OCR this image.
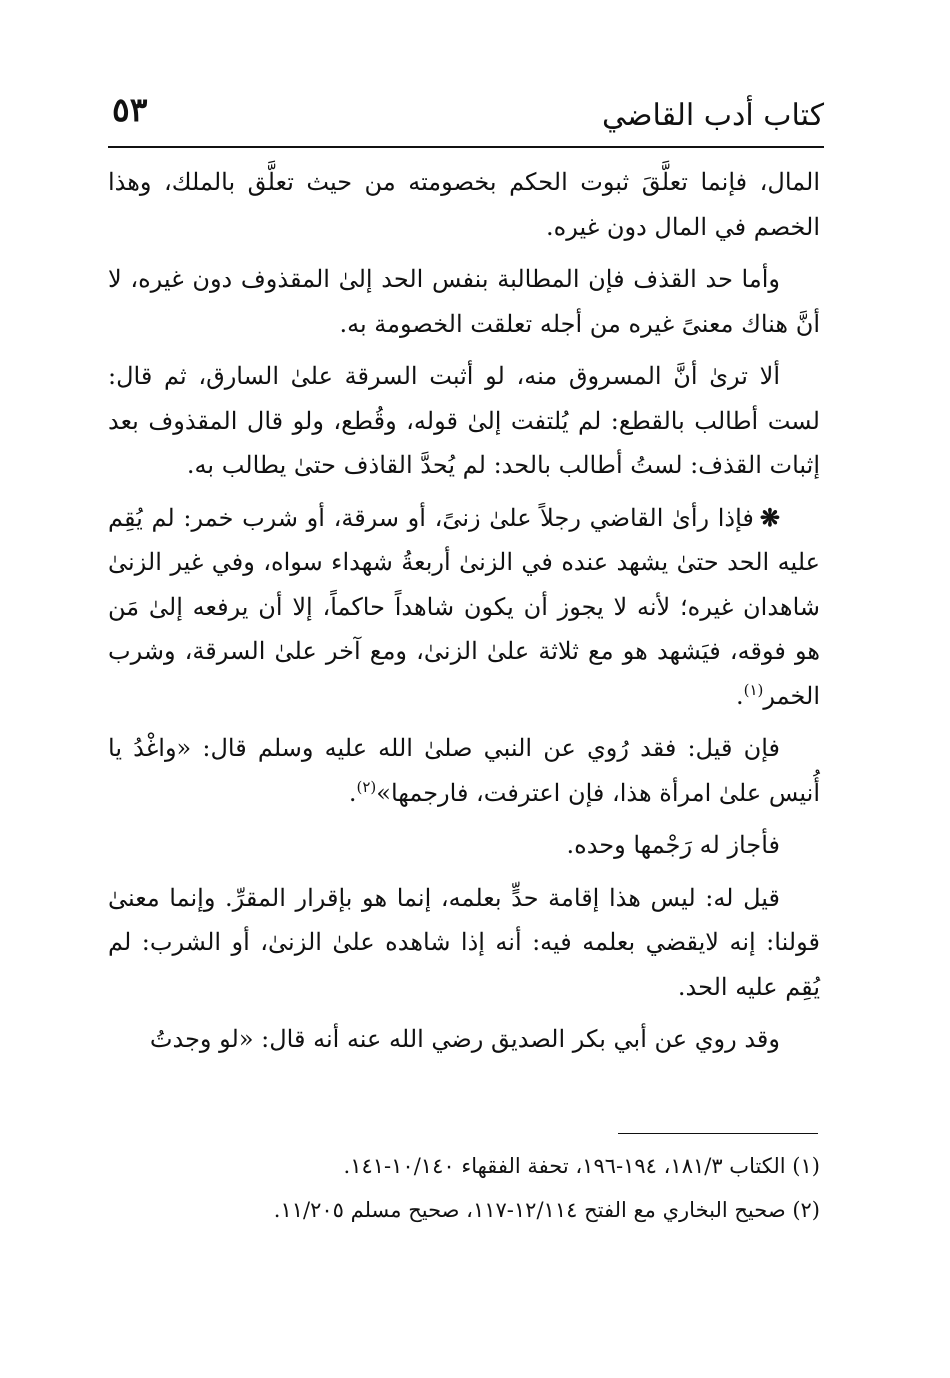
كتاب أدب القاضي
٥٣

المال، فإنما تعلَّقَ ثبوت الحكم بخصومته من حيث تعلَّق بالملك، وهذا الخصم في المال دون غيره.

وأما حد القذف فإن المطالبة بنفس الحد إلىٰ المقذوف دون غيره، لا أنَّ هناك معنىً غيره من أجله تعلقت الخصومة به.

ألا ترىٰ أنَّ المسروق منه، لو أثبت السرقة علىٰ السارق، ثم قال: لست أطالب بالقطع: لم يُلتفت إلىٰ قوله، وقُطع، ولو قال المقذوف بعد إثبات القذف: لستُ أطالب بالحد: لم يُحدَّ القاذف حتىٰ يطالب به.

❋فإذا رأىٰ القاضي رجلاً علىٰ زنىً، أو سرقة، أو شرب خمر: لم يُقِم عليه الحد حتىٰ يشهد عنده في الزنىٰ أربعةُ شهداء سواه، وفي غير الزنىٰ شاهدان غيره؛ لأنه لا يجوز أن يكون شاهداً حاكماً، إلا أن يرفعه إلىٰ مَن هو فوقه، فيَشهد هو مع ثلاثة علىٰ الزنىٰ، ومع آخر علىٰ السرقة، وشرب الخمر$^{(١)}$.

فإن قيل: فقد رُوي عن النبي صلىٰ الله عليه وسلم قال: «واغْدُ يا أُنيس علىٰ امرأة هذا، فإن اعترفت، فارجمها»$^{(٢)}$.

فأجاز له رَجْمها وحده.

قيل له: ليس هذا إقامة حدٍّ بعلمه، إنما هو بإقرار المقرِّ. وإنما معنىٰ قولنا: إنه لايقضي بعلمه فيه: أنه إذا شاهده علىٰ الزنىٰ، أو الشرب: لم يُقِم عليه الحد.

وقد روي عن أبي بكر الصديق رضي الله عنه أنه قال: «لو وجدتُ

(١) الكتاب ١٨١/٣، ١٩٤-١٩٦، تحفة الفقهاء ١٠/١٤٠-١٤١.

(٢) صحيح البخاري مع الفتح ١٢/١١٤-١١٧، صحيح مسلم ١١/٢٠٥.
